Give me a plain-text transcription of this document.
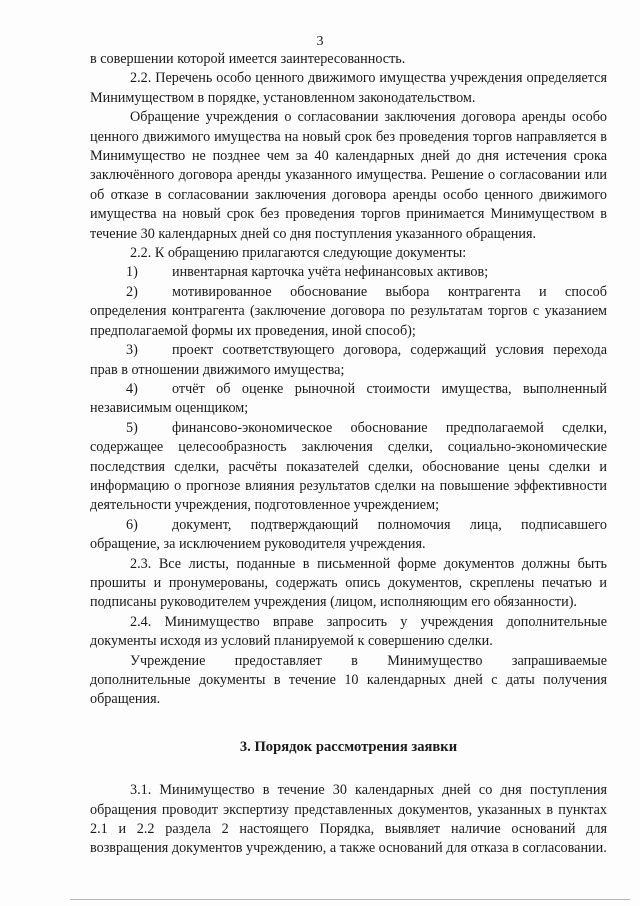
3

в совершении которой имеется заинтересованность.

2.2. Перечень особо ценного движимого имущества учреждения определяется Минимуществом в порядке, установленном законодательством.

Обращение учреждения о согласовании заключения договора аренды особо ценного движимого имущества на новый срок без проведения торгов направляется в Минимущество не позднее чем за 40 календарных дней до дня истечения срока заключённого договора аренды указанного имущества. Решение о согласовании или об отказе в согласовании заключения договора аренды особо ценного движимого имущества на новый срок без проведения торгов принимается Минимуществом в течение 30 календарных дней со дня поступления указанного обращения.

2.2. К обращению прилагаются следующие документы:

1) инвентарная карточка учёта нефинансовых активов;

2) мотивированное обоснование выбора контрагента и способ определения контрагента (заключение договора по результатам торгов с указанием предполагаемой формы их проведения, иной способ);

3) проект соответствующего договора, содержащий условия перехода прав в отношении движимого имущества;

4) отчёт об оценке рыночной стоимости имущества, выполненный независимым оценщиком;

5) финансово-экономическое обоснование предполагаемой сделки, содержащее целесообразность заключения сделки, социально-экономические последствия сделки, расчёты показателей сделки, обоснование цены сделки и информацию о прогнозе влияния результатов сделки на повышение эффективности деятельности учреждения, подготовленное учреждением;

6) документ, подтверждающий полномочия лица, подписавшего обращение, за исключением руководителя учреждения.

2.3. Все листы, поданные в письменной форме документов должны быть прошиты и пронумерованы, содержать опись документов, скреплены печатью и подписаны руководителем учреждения (лицом, исполняющим его обязанности).

2.4. Минимущество вправе запросить у учреждения дополнительные документы исходя из условий планируемой к совершению сделки.

Учреждение предоставляет в Минимущество запрашиваемые дополнительные документы в течение 10 календарных дней с даты получения обращения.

3. Порядок рассмотрения заявки

3.1. Минимущество в течение 30 календарных дней со дня поступления обращения проводит экспертизу представленных документов, указанных в пунктах 2.1 и 2.2 раздела 2 настоящего Порядка, выявляет наличие оснований для возвращения документов учреждению, а также оснований для отказа в согласовании.
